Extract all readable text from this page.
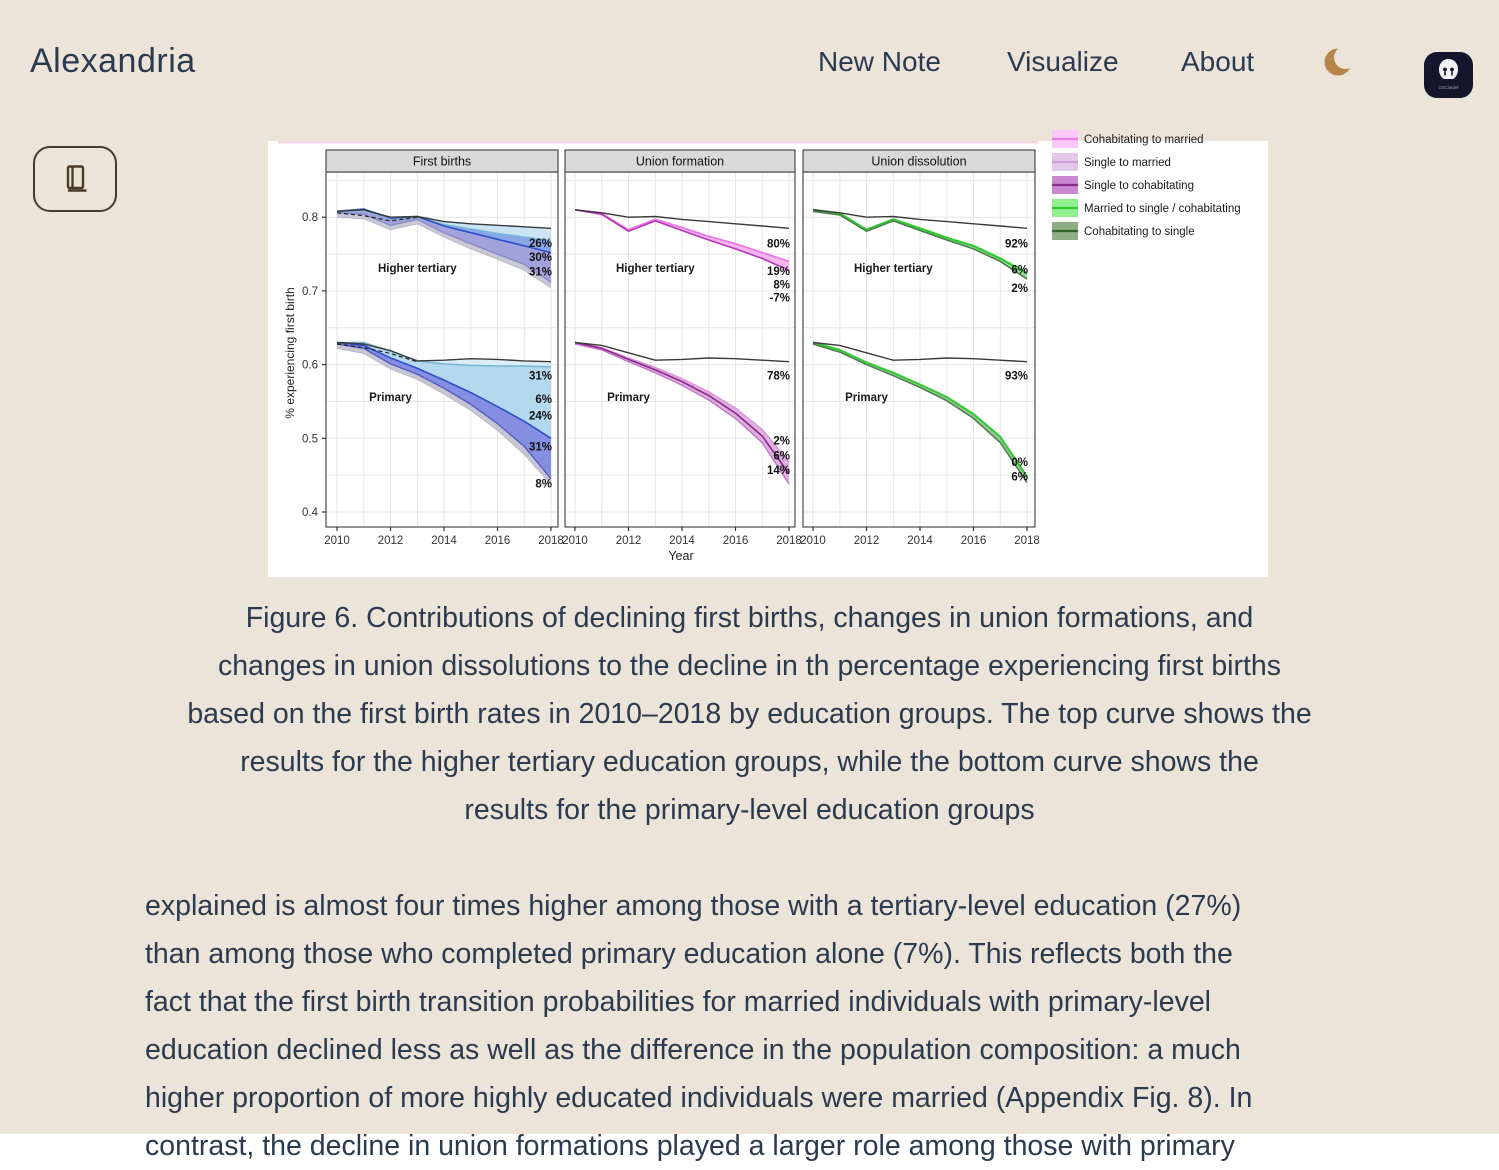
Alexandria	New Note Visualize About
GitCitadel
Higher tertiary
26%
30%
31%
Primary
31%
6%
24%
31%
8%
First births
2010 2012 2014 2016 2018
Higher tertiary
80%
19%
8%
-7%
Primary
78%
2%
6%
14%
Union formation
2010 2012 2014 2016 2018
Higher tertiary
92%
6%
2%
Primary
93%
0%
6%
Union dissolution
2010 2012 2014 2016 2018
0.8
0.7
0.6
0.5
0.4
% experiencing first birth
Year
Cohabitating to married
Single to married
Single to cohabitating
Married to single / cohabitating
Cohabitating to single
Figure 6. Contributions of declining first births, changes in union formations, and
changes in union dissolutions to the decline in th percentage experiencing first births
based on the first birth rates in 2010–2018 by education groups. The top curve shows the
results for the higher tertiary education groups, while the bottom curve shows the
results for the primary-level education groups
explained is almost four times higher among those with a tertiary-level education (27%)
than among those who completed primary education alone (7%). This reflects both the
fact that the first birth transition probabilities for married individuals with primary-level
education declined less as well as the difference in the population composition: a much
higher proportion of more highly educated individuals were married (Appendix Fig. 8). In
contrast, the decline in union formations played a larger role among those with primary
